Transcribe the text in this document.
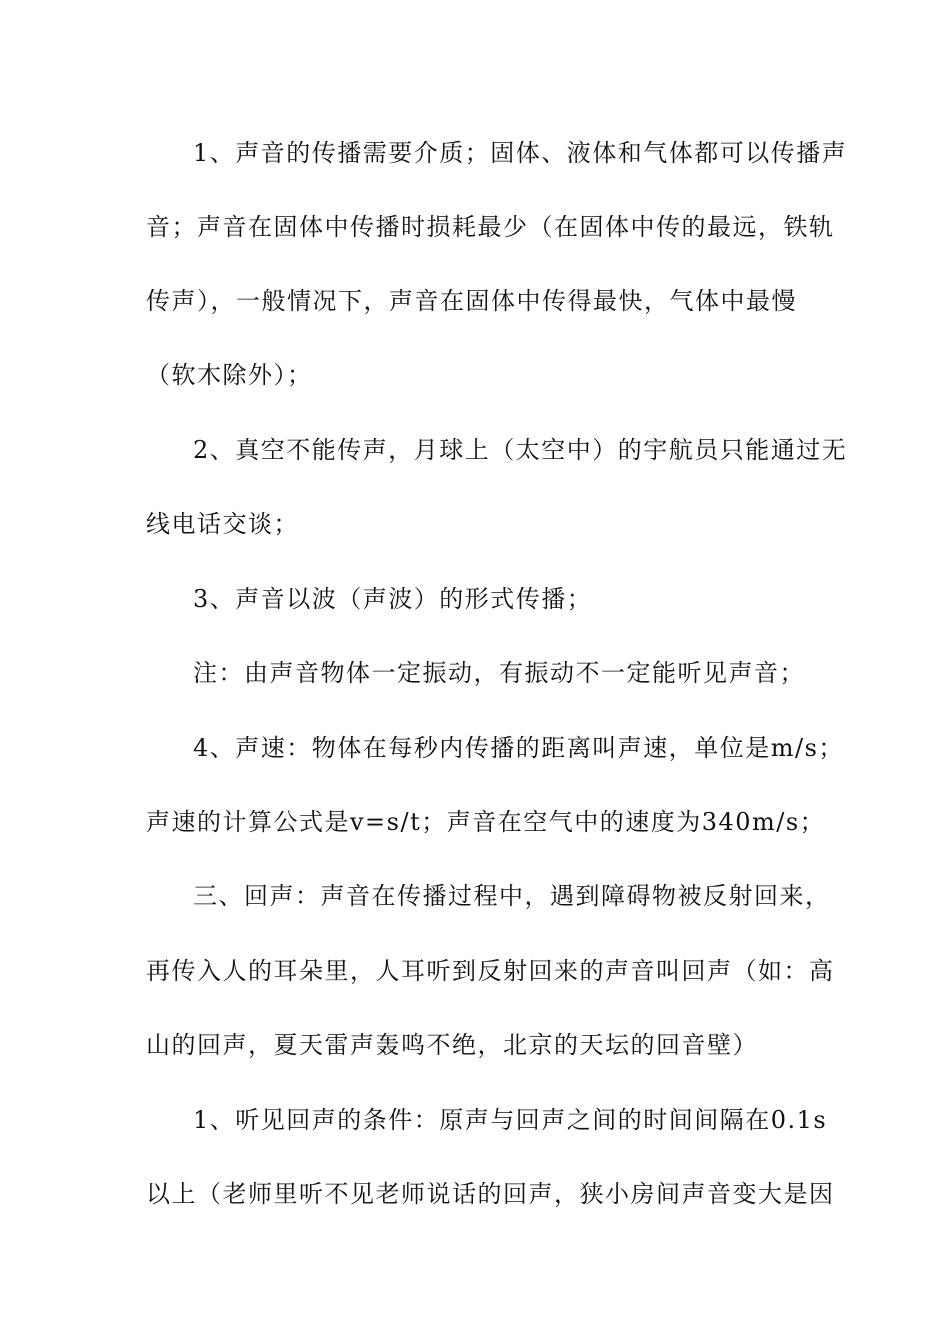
1、声音的传播需要介质；固体、液体和气体都可以传播声
音；声音在固体中传播时损耗最少（在固体中传的最远，铁轨
传声），一般情况下，声音在固体中传得最快，气体中最慢
（软木除外）；
2、真空不能传声，月球上（太空中）的宇航员只能通过无
线电话交谈；
3、声音以波（声波）的形式传播；
注：由声音物体一定振动，有振动不一定能听见声音；
4、声速：物体在每秒内传播的距离叫声速，单位是m/s；
声速的计算公式是v=s/t；声音在空气中的速度为340m/s；
三、回声：声音在传播过程中，遇到障碍物被反射回来，
再传入人的耳朵里，人耳听到反射回来的声音叫回声（如：高
山的回声，夏天雷声轰鸣不绝，北京的天坛的回音壁）
1、听见回声的条件：原声与回声之间的时间间隔在0.1s
以上（老师里听不见老师说话的回声，狭小房间声音变大是因
